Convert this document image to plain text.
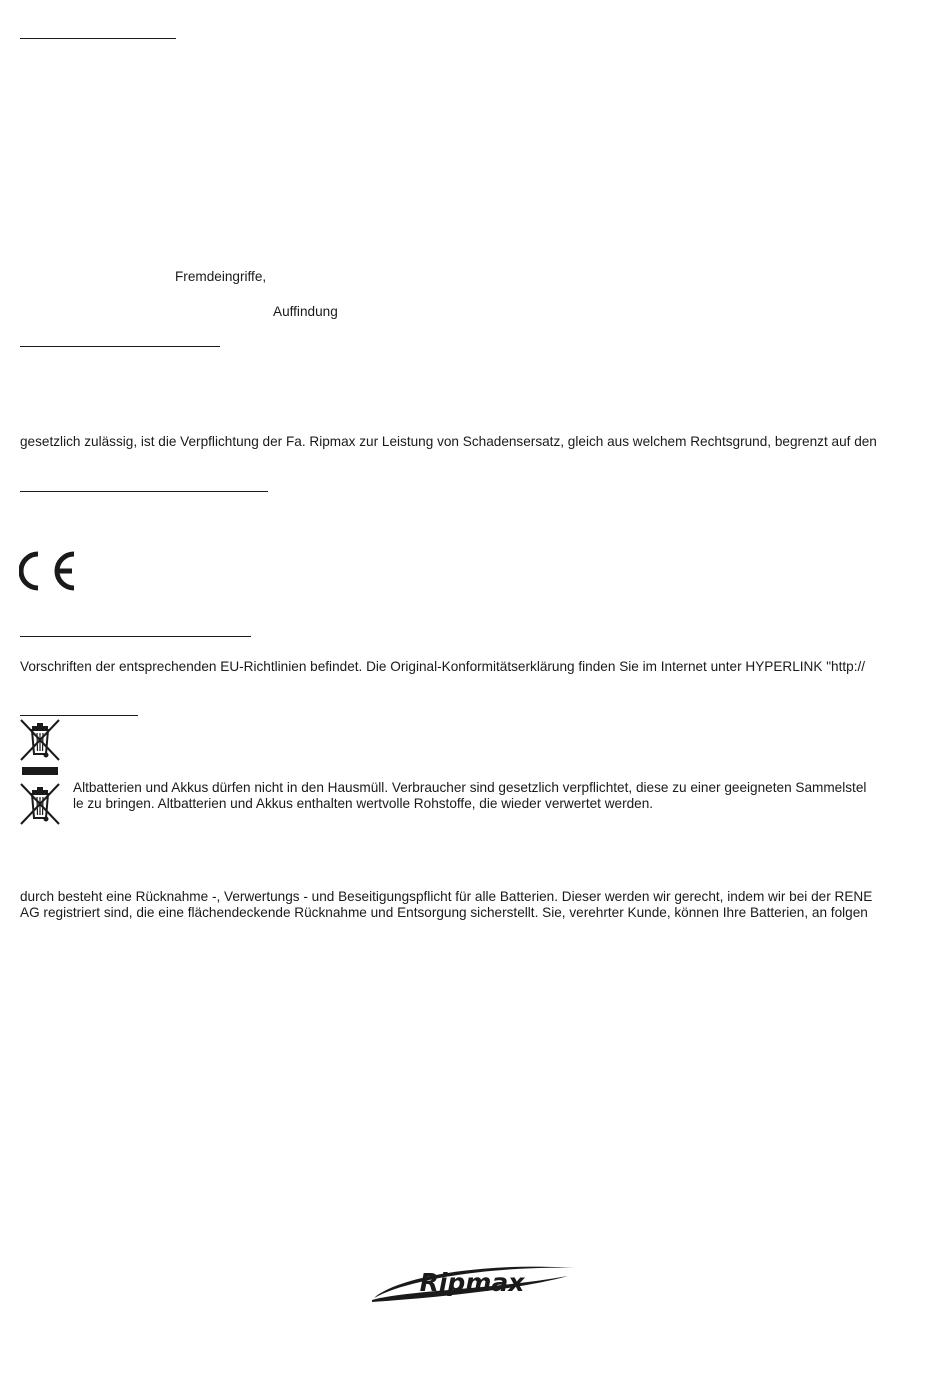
Fremdeingriffe,
Auffindung
gesetzlich zulässig, ist die Verpflichtung der Fa. Ripmax zur Leistung von Schadensersatz, gleich aus welchem Rechtsgrund, begrenzt auf den
Vorschriften der entsprechenden EU-Richtlinien befindet. Die Original-Konformitätserklärung finden Sie im Internet unter HYPERLINK "http://
Altbatterien und Akkus dürfen nicht in den Hausmüll. Verbraucher sind gesetzlich verpflichtet, diese zu einer geeigneten Sammelstel
le zu bringen. Altbatterien und Akkus enthalten wertvolle Rohstoffe, die wieder verwertet werden.
durch besteht eine Rücknahme -, Verwertungs - und Beseitigungspflicht für alle Batterien. Dieser werden wir gerecht, indem wir bei der RENE
AG registriert sind, die eine flächendeckende Rücknahme und Entsorgung sicherstellt. Sie, verehrter Kunde, können Ihre Batterien, an folgen
Ripmax
